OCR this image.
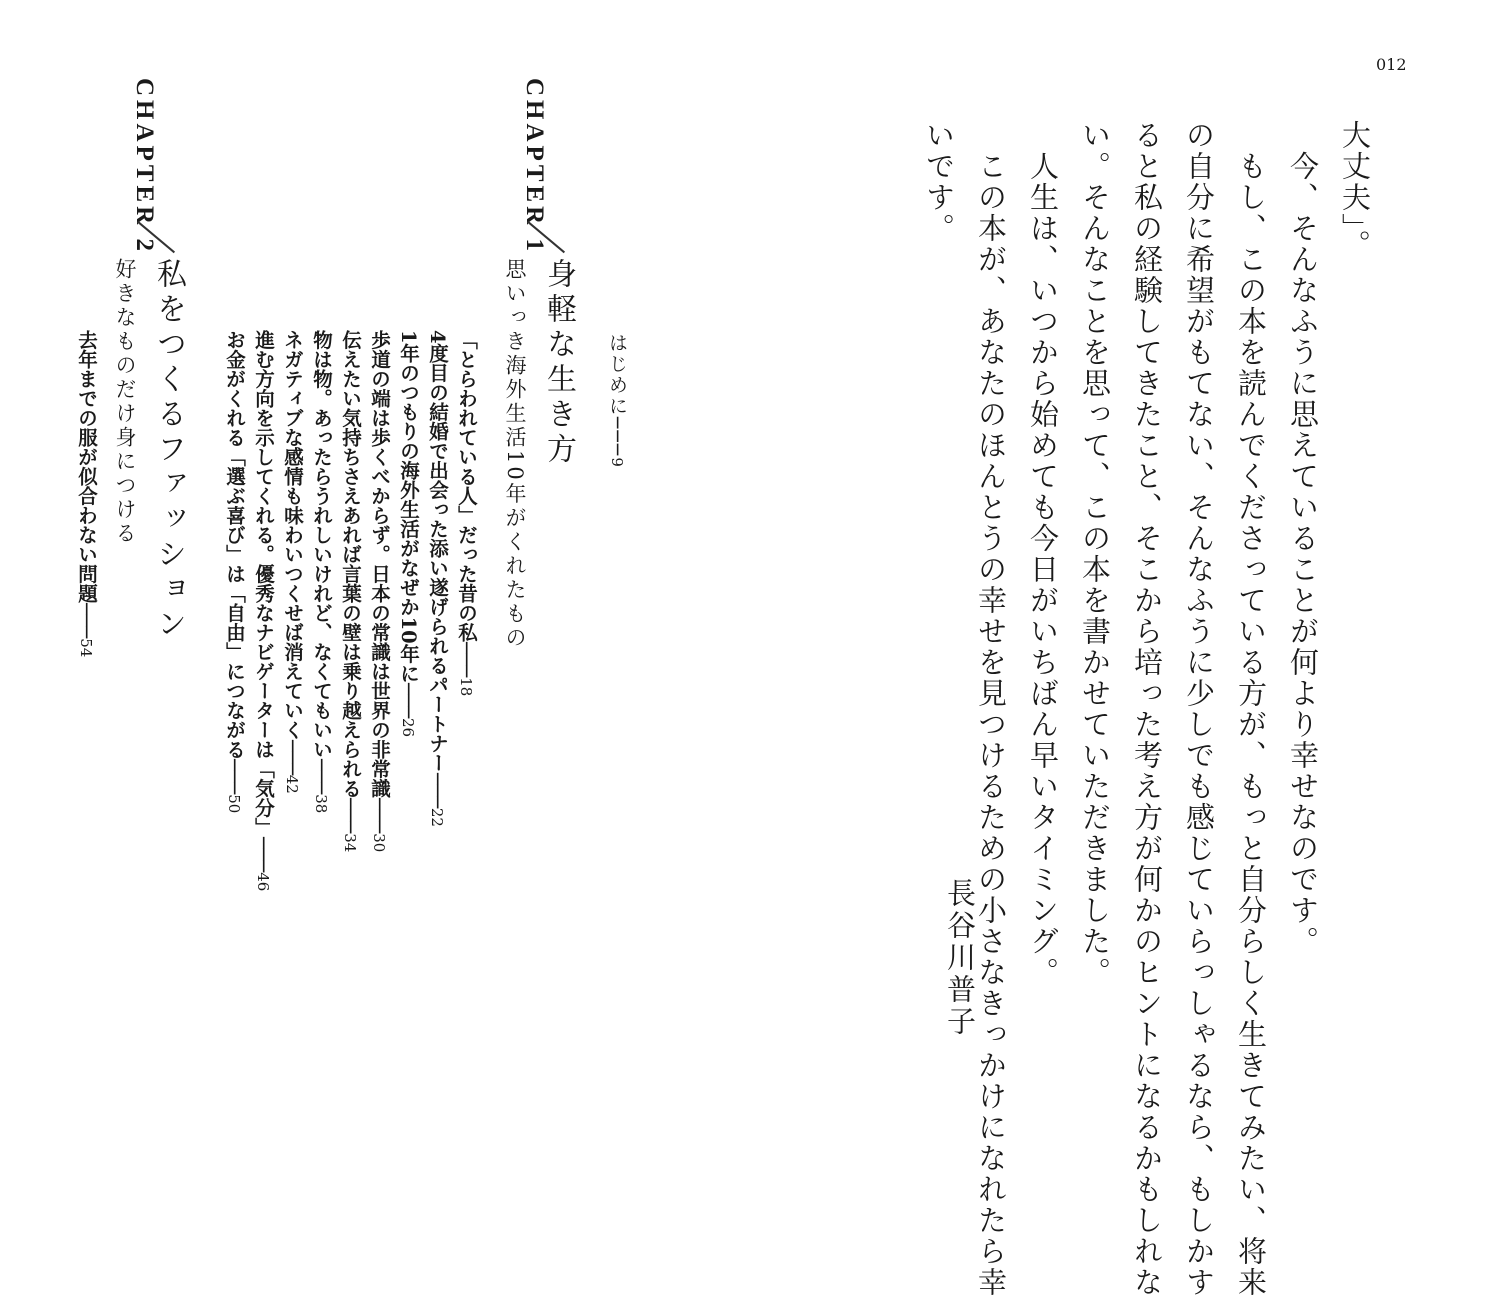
012
大丈夫」。
　今、そんなふうに思えていることが何より幸せなのです。
　もし、この本を読んでくださっている方が、もっと自分らしく生きてみたい、将来
の自分に希望がもてない、そんなふうに少しでも感じていらっしゃるなら、もしかす
ると私の経験してきたこと、そこから培った考え方が何かのヒントになるかもしれな
い。そんなことを思って、この本を書かせていただきました。
　人生は、いつから始めても今日がいちばん早いタイミング。
　この本が、あなたのほんとうの幸せを見つけるための小さなきっかけになれたら幸
いです。
長谷川普子
はじめに───9
CHAPTER 1
身軽な生き方
思いっき海外生活10年がくれたもの
「とらわれている人」だった昔の私───18
4度目の結婚で出会った添い遂げられるパートナー───22
1年のつもりの海外生活がなぜか10年に───26
歩道の端は歩くべからず。日本の常識は世界の非常識───30
伝えたい気持ちさえあれば言葉の壁は乗り越えられる───34
物は物。あったらうれしいけれど、なくてもいい───38
ネガティブな感情も味わいつくせば消えていく───42
進む方向を示してくれる。優秀なナビゲーターは「気分」───46
お金がくれる「選ぶ喜び」は「自由」につながる───50
CHAPTER 2
私をつくるファッション
好きなものだけ身につける
去年までの服が似合わない問題───54
